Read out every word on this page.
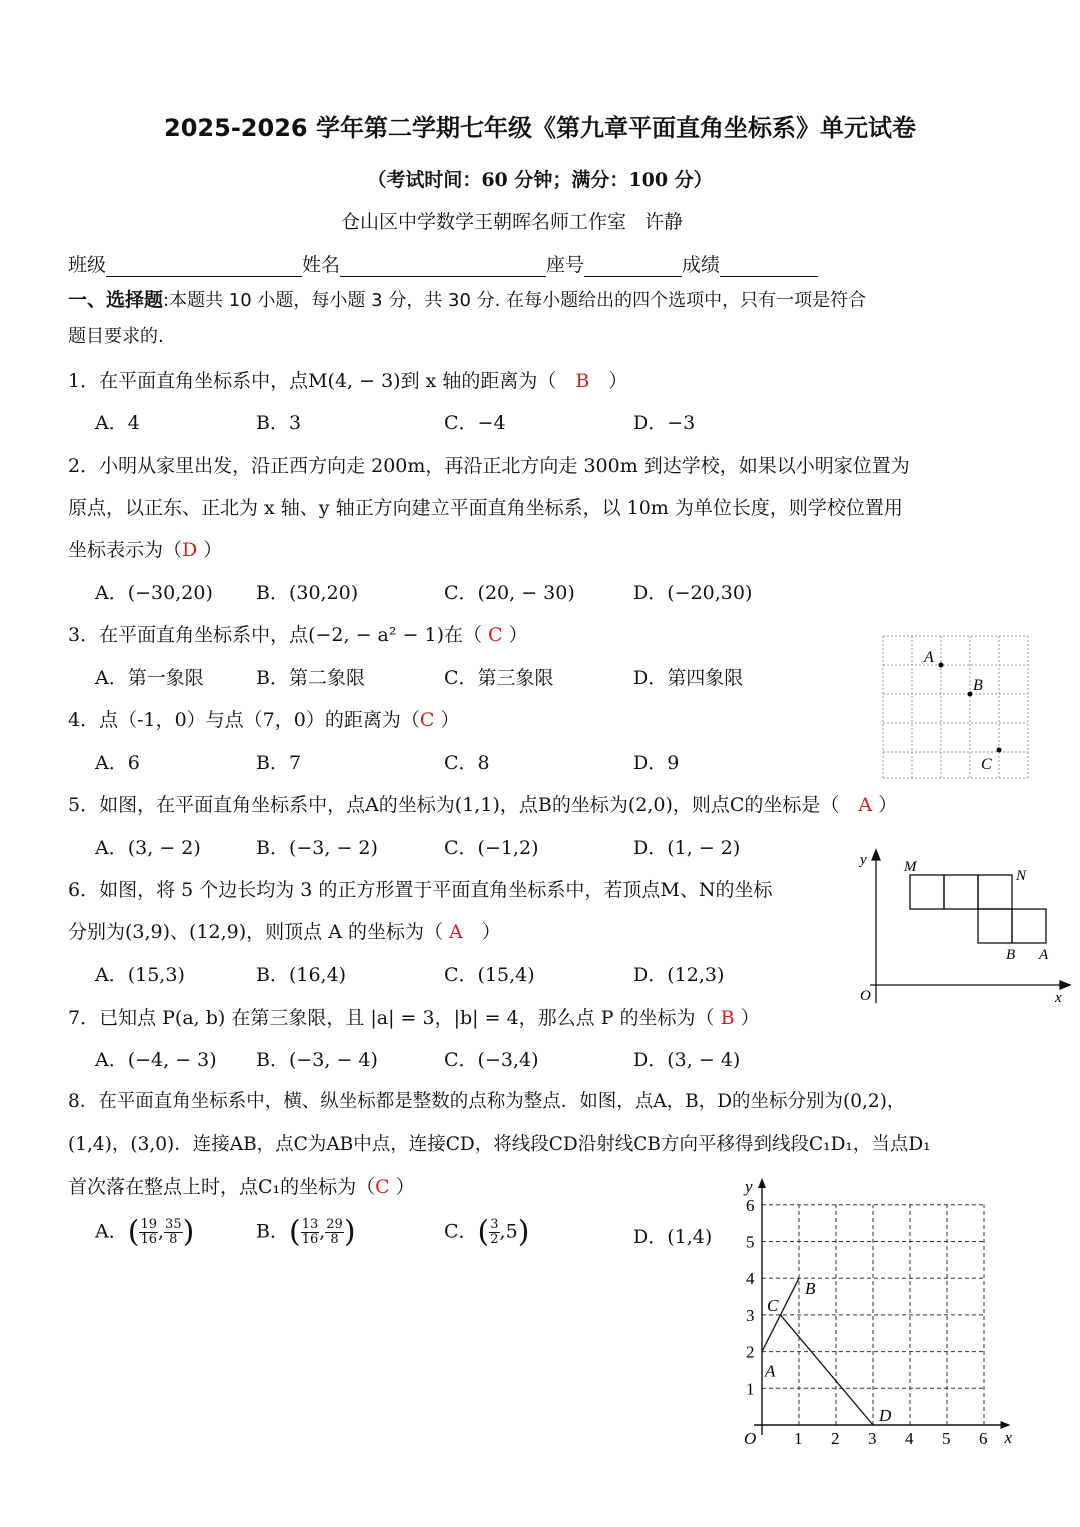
2025-2026 学年第二学期七年级《第九章平面直角坐标系》单元试卷
（考试时间：60 分钟；满分：100 分）
仓山区中学数学王朝晖名师工作室　许静
班级	姓名	座号	成绩
一、选择题:本题共 10 小题，每小题 3 分，共 30 分. 在每小题给出的四个选项中，只有一项是符合
题目要求的.
1．在平面直角坐标系中，点M(4, − 3)到 x 轴的距离为（　 B　 ）
A．4	B．3	C．−4	D．−3
2．小明从家里出发，沿正西方向走 200m，再沿正北方向走 300m 到达学校，如果以小明家位置为
原点，以正东、正北为 x 轴、y 轴正方向建立平面直角坐标系，以 10m 为单位长度，则学校位置用
坐标表示为（D ）
A．(−30,20) B．(30,20)	C．(20, − 30)	D．(−20,30)
3．在平面直角坐标系中，点(−2, − a² − 1)在（ C ）
A．第一象限	B．第二象限	C．第三象限	D．第四象限
4．点（-1，0）与点（7，0）的距离为（C ）
A．6	B．7	C．8	D．9
5．如图，在平面直角坐标系中，点A的坐标为(1,1)，点B的坐标为(2,0)，则点C的坐标是（　 A ）
A．(3, − 2)	B．(−3, − 2)	C．(−1,2)	D．(1, − 2)
6．如图，将 5 个边长均为 3 的正方形置于平面直角坐标系中，若顶点M、N的坐标
分别为(3,9)、(12,9)，则顶点 A 的坐标为（ A　 ）
A．(15,3)	B．(16,4)	C．(15,4)	D．(12,3)
7．已知点 P(a, b) 在第三象限，且 |a| = 3，|b| = 4，那么点 P 的坐标为（ B ）
A．(−4, − 3) B．(−3, − 4)	C．(−3,4)	D．(3, − 4)
8．在平面直角坐标系中，横、纵坐标都是整数的点称为整点．如图，点A，B，D的坐标分别为(0,2)，
(1,4)，(3,0)．连接AB，点C为AB中点，连接CD，将线段CD沿射线CB方向平移得到线段C₁D₁，当点D₁
首次落在整点上时，点C₁的坐标为（C ）
A．( $\frac{19}{16}$ , $\frac{35}{8}$ )	B．( $\frac{13}{16}$ , $\frac{29}{8}$ )	C．( $\frac{3}{2} ,5$)	D．(1,4)
A
B
C
y
O	x
M
N
B A
1 2 3 4 5 6
1
2
3
4
5
6
O	x
y
A
B
C
D
